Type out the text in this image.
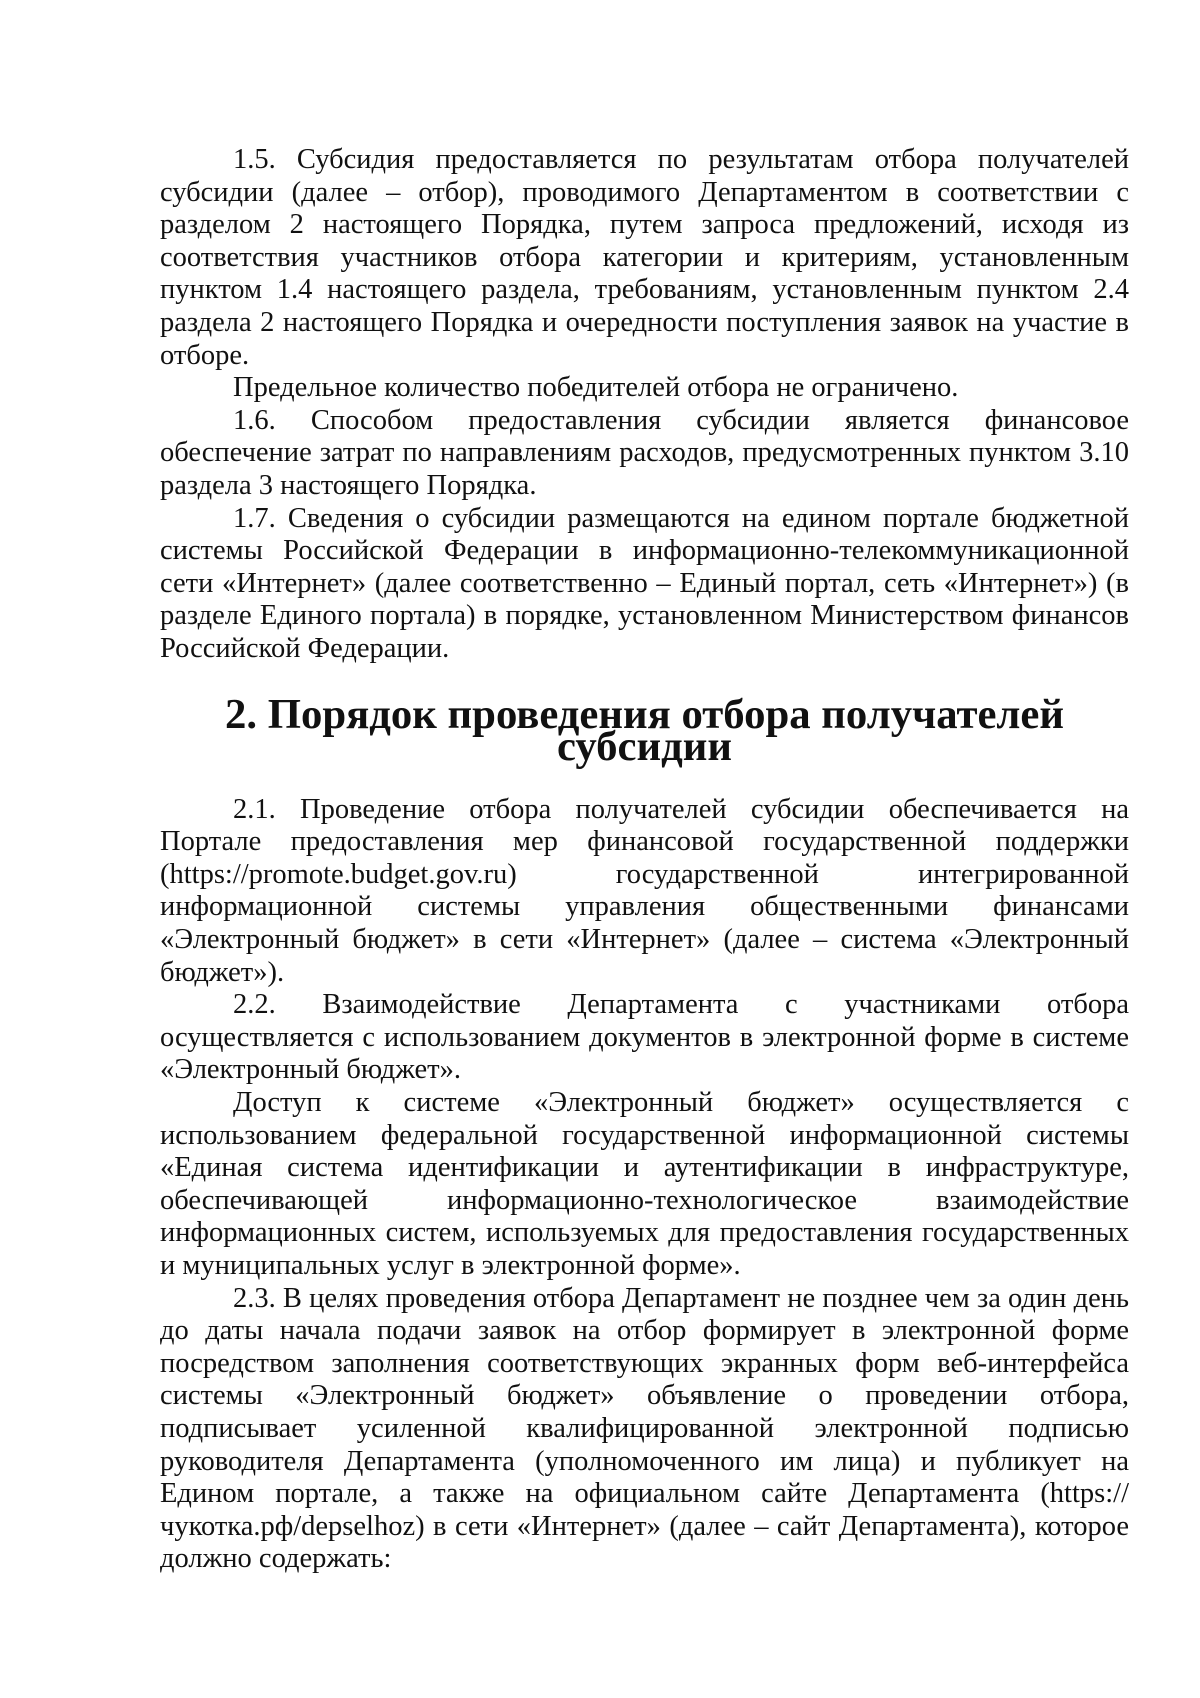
1.5. Субсидия предоставляется по результатам отбора получателей субсидии (далее – отбор), проводимого Департаментом в соответствии с разделом 2 настоящего Порядка, путем запроса предложений, исходя из соответствия участников отбора категории и критериям, установленным пунктом 1.4 настоящего раздела, требованиям, установленным пунктом 2.4 раздела 2 настоящего Порядка и очередности поступления заявок на участие в отборе.

Предельное количество победителей отбора не ограничено.

1.6. Способом предоставления субсидии является финансовое обеспечение затрат по направлениям расходов, предусмотренных пунктом 3.10 раздела 3 настоящего Порядка.

1.7. Сведения о субсидии размещаются на едином портале бюджетной системы Российской Федерации в информационно-телекоммуникационной сети «Интернет» (далее соответственно – Единый портал, сеть «Интернет») (в разделе Единого портала) в порядке, установленном Министерством финансов Российской Федерации.

2. Порядок проведения отбора получателей субсидии

2.1. Проведение отбора получателей субсидии обеспечивается на Портале предоставления мер финансовой государственной поддержки (https://promote.budget.gov.ru) государственной интегрированной информационной системы управления общественными финансами «Электронный бюджет» в сети «Интернет» (далее – система «Электронный бюджет»).

2.2. Взаимодействие Департамента с участниками отбора осуществляется с использованием документов в электронной форме в системе «Электронный бюджет».

Доступ к системе «Электронный бюджет» осуществляется с использованием федеральной государственной информационной системы «Единая система идентификации и аутентификации в инфраструктуре, обеспечивающей информационно-технологическое взаимодействие информационных систем, используемых для предоставления государственных и муниципальных услуг в электронной форме».

2.3. В целях проведения отбора Департамент не позднее чем за один день до даты начала подачи заявок на отбор формирует в электронной форме посредством заполнения соответствующих экранных форм веб-интерфейса системы «Электронный бюджет» объявление о проведении отбора, подписывает усиленной квалифицированной электронной подписью руководителя Департамента (уполномоченного им лица) и публикует на Едином портале, а также на официальном сайте Департамента (https://чукотка.рф/depselhoz) в сети «Интернет» (далее – сайт Департамента), которое должно содержать:
